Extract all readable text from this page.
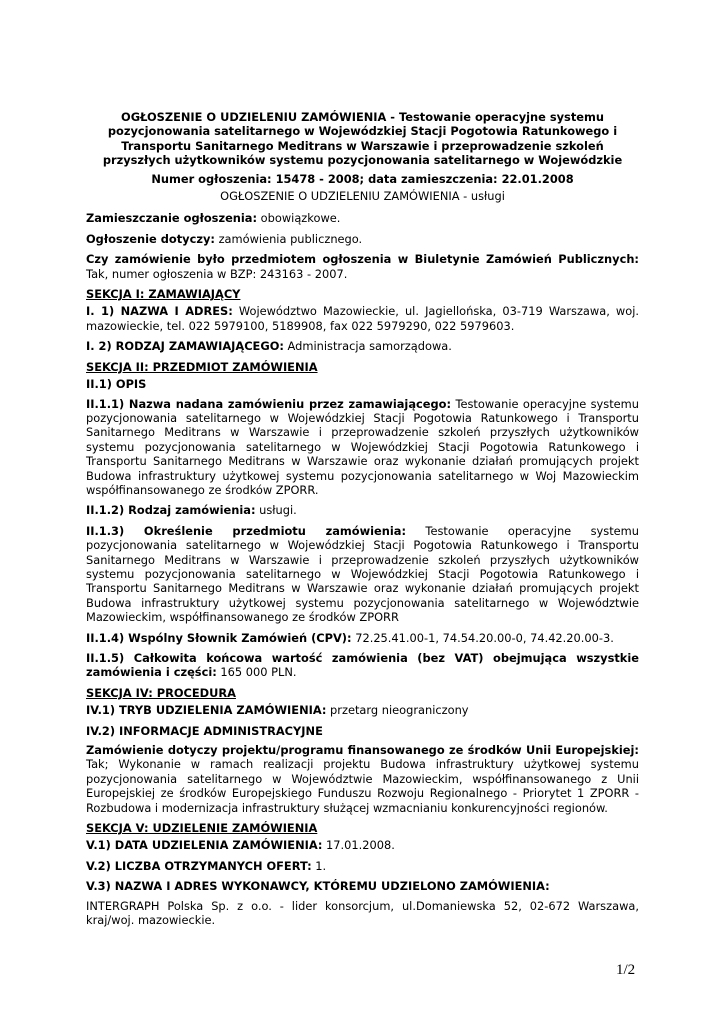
OGŁOSZENIE O UDZIELENIU ZAMÓWIENIA - Testowanie operacyjne systemu pozycjonowania satelitarnego w Wojewódzkiej Stacji Pogotowia Ratunkowego i Transportu Sanitarnego Meditrans w Warszawie i przeprowadzenie szkoleń przyszłych użytkowników systemu pozycjonowania satelitarnego w Wojewódzkie
Numer ogłoszenia: 15478 - 2008; data zamieszczenia: 22.01.2008
OGŁOSZENIE O UDZIELENIU ZAMÓWIENIA - usługi

Zamieszczanie ogłoszenia: obowiązkowe.

Ogłoszenie dotyczy: zamówienia publicznego.

Czy zamówienie było przedmiotem ogłoszenia w Biuletynie Zamówień Publicznych: Tak, numer ogłoszenia w BZP: 243163 - 2007.

SEKCJA I: ZAMAWIAJĄCY

I. 1) NAZWA I ADRES: Województwo Mazowieckie, ul. Jagiellońska, 03-719 Warszawa, woj. mazowieckie, tel. 022 5979100, 5189908, fax 022 5979290, 022 5979603.

I. 2) RODZAJ ZAMAWIAJĄCEGO: Administracja samorządowa.

SEKCJA II: PRZEDMIOT ZAMÓWIENIA
II.1) OPIS

II.1.1) Nazwa nadana zamówieniu przez zamawiającego: Testowanie operacyjne systemu pozycjonowania satelitarnego w Wojewódzkiej Stacji Pogotowia Ratunkowego i Transportu Sanitarnego Meditrans w Warszawie i przeprowadzenie szkoleń przyszłych użytkowników systemu pozycjonowania satelitarnego w Wojewódzkiej Stacji Pogotowia Ratunkowego i Transportu Sanitarnego Meditrans w Warszawie oraz wykonanie działań promujących projekt Budowa infrastruktury użytkowej systemu pozycjonowania satelitarnego w Woj Mazowieckim współfinansowanego ze środków ZPORR.

II.1.2) Rodzaj zamówienia: usługi.

II.1.3) Określenie przedmiotu zamówienia: Testowanie operacyjne systemu pozycjonowania satelitarnego w Wojewódzkiej Stacji Pogotowia Ratunkowego i Transportu Sanitarnego Meditrans w Warszawie i przeprowadzenie szkoleń przyszłych użytkowników systemu pozycjonowania satelitarnego w Wojewódzkiej Stacji Pogotowia Ratunkowego i Transportu Sanitarnego Meditrans w Warszawie oraz wykonanie działań promujących projekt Budowa infrastruktury użytkowej systemu pozycjonowania satelitarnego w Województwie Mazowieckim, współfinansowanego ze środków ZPORR

II.1.4) Wspólny Słownik Zamówień (CPV): 72.25.41.00-1, 74.54.20.00-0, 74.42.20.00-3.

II.1.5) Całkowita końcowa wartość zamówienia (bez VAT) obejmująca wszystkie zamówienia i części: 165 000 PLN.

SEKCJA IV: PROCEDURA

IV.1) TRYB UDZIELENIA ZAMÓWIENIA: przetarg nieograniczony

IV.2) INFORMACJE ADMINISTRACYJNE

Zamówienie dotyczy projektu/programu finansowanego ze środków Unii Europejskiej: Tak; Wykonanie w ramach realizacji projektu Budowa infrastruktury użytkowej systemu pozycjonowania satelitarnego w Województwie Mazowieckim, współfinansowanego z Unii Europejskiej ze środków Europejskiego Funduszu Rozwoju Regionalnego - Priorytet 1 ZPORR - Rozbudowa i modernizacja infrastruktury służącej wzmacnianiu konkurencyjności regionów.

SEKCJA V: UDZIELENIE ZAMÓWIENIA

V.1) DATA UDZIELENIA ZAMÓWIENIA: 17.01.2008.

V.2) LICZBA OTRZYMANYCH OFERT: 1.

V.3) NAZWA I ADRES WYKONAWCY, KTÓREMU UDZIELONO ZAMÓWIENIA:

INTERGRAPH Polska Sp. z o.o. - lider konsorcjum, ul.Domaniewska 52, 02-672 Warszawa, kraj/woj. mazowieckie.

1/2
